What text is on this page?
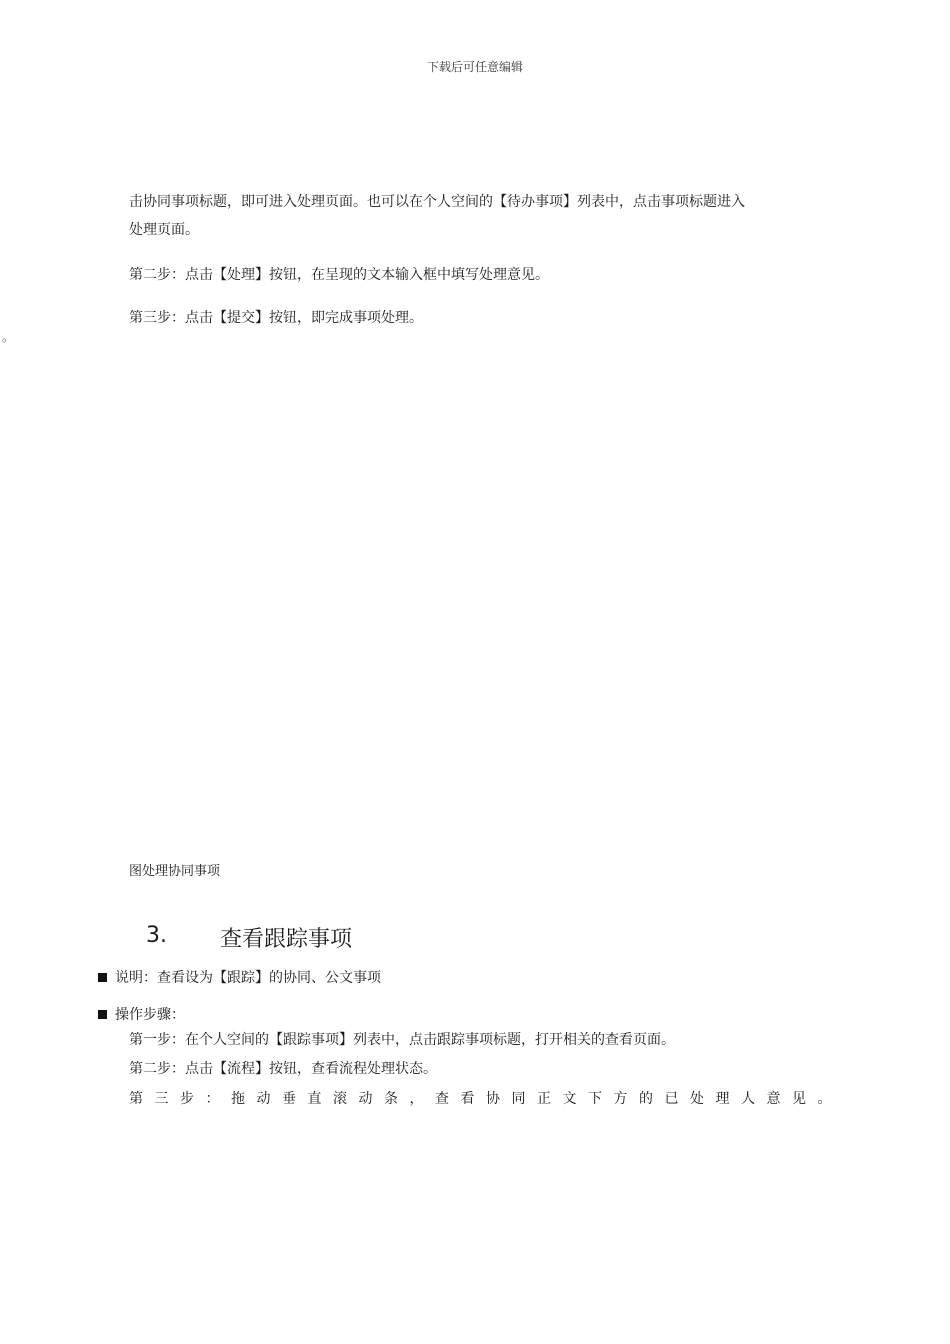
下载后可任意编辑
击协同事项标题，即可进入处理页面。也可以在个人空间的【待办事项】列表中，点击事项标题进入
处理页面。
第二步：点击【处理】按钮，在呈现的文本输入框中填写处理意见。
第三步：点击【提交】按钮，即完成事项处理。
。
图处理协同事项
3. 查看跟踪事项
说明：查看设为【跟踪】的协同、公文事项
操作步骤：
第一步：在个人空间的【跟踪事项】列表中，点击跟踪事项标题，打开相关的查看页面。
第二步：点击【流程】按钮，查看流程处理状态。
第三步：拖动垂直滚动条，查看协同正文下方的已处理人意见。
